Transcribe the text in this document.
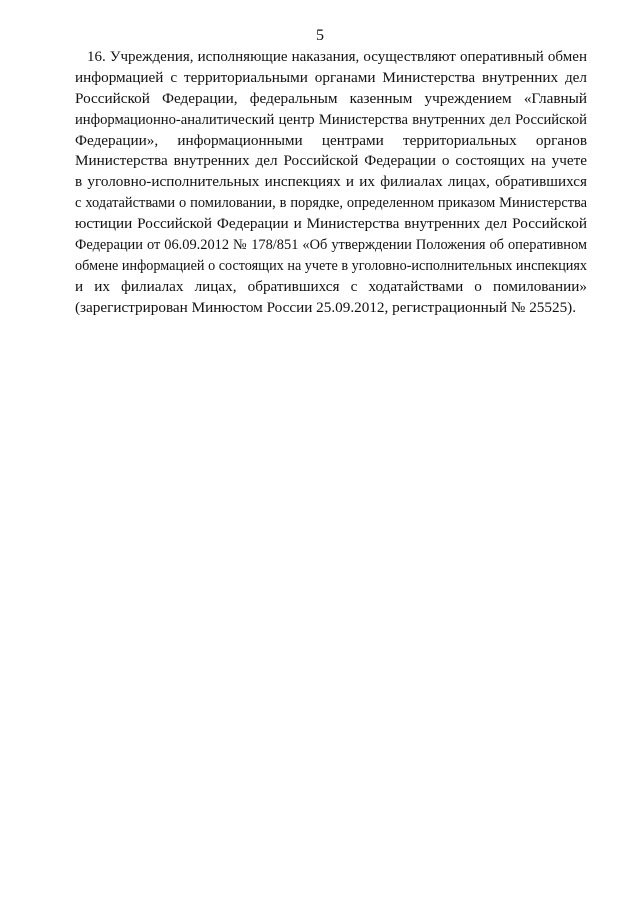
5
16. Учреждения, исполняющие наказания, осуществляют оперативный обмен
информацией с территориальными органами Министерства внутренних дел
Российской Федерации, федеральным казенным учреждением «Главный
информационно-аналитический центр Министерства внутренних дел Российской
Федерации», информационными центрами территориальных органов
Министерства внутренних дел Российской Федерации о состоящих на учете
в уголовно-исполнительных инспекциях и их филиалах лицах, обратившихся
с ходатайствами о помиловании, в порядке, определенном приказом Министерства
юстиции Российской Федерации и Министерства внутренних дел Российской
Федерации от 06.09.2012 № 178/851 «Об утверждении Положения об оперативном
обмене информацией о состоящих на учете в уголовно-исполнительных инспекциях
и их филиалах лицах, обратившихся с ходатайствами о помиловании»
(зарегистрирован Минюстом России 25.09.2012, регистрационный № 25525).
